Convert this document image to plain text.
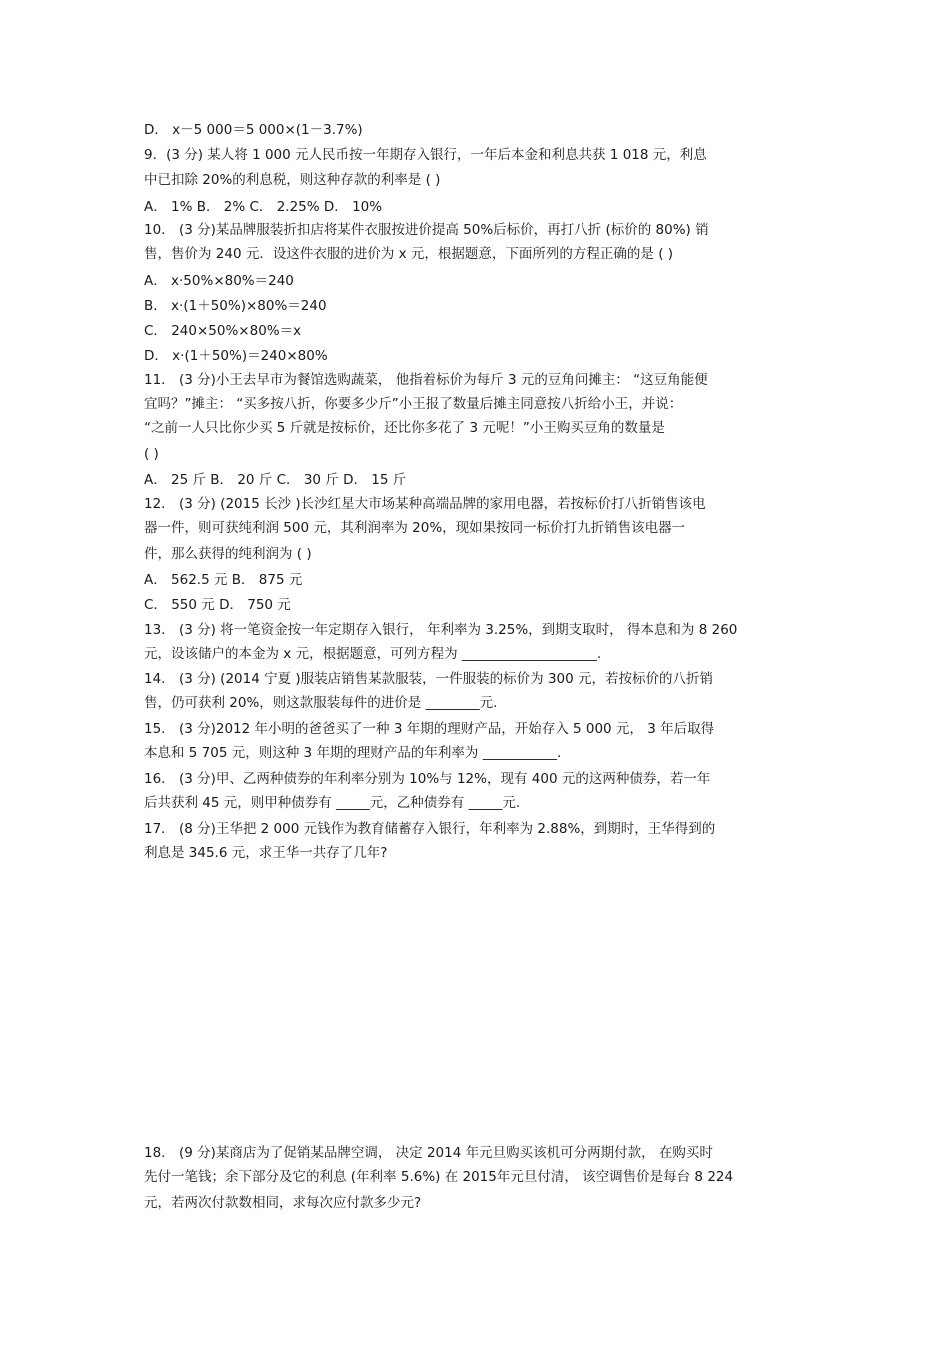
D． x－5 000＝5 000×(1－3.7%)
9．(3 分) 某人将 1 000 元人民币按一年期存入银行，一年后本金和利息共获 1 018 元，利息
中已扣除 20%的利息税，则这种存款的利率是 ( )
A． 1% B． 2% C． 2.25% D． 10%
10． (3 分)某品牌服装折扣店将某件衣服按进价提高 50%后标价，再打八折 (标价的 80%) 销
售，售价为 240 元．设这件衣服的进价为 x 元，根据题意，下面所列的方程正确的是 ( )
A． x·50%×80%＝240
B． x·(1＋50%)×80%＝240
C． 240×50%×80%＝x
D． x·(1＋50%)＝240×80%
11． (3 分)小王去早市为餐馆选购蔬菜， 他指着标价为每斤 3 元的豆角问摊主： “这豆角能便
宜吗？”摊主： “买多按八折，你要多少斤”小王报了数量后摊主同意按八折给小王，并说：
“之前一人只比你少买 5 斤就是按标价，还比你多花了 3 元呢！”小王购买豆角的数量是
( )
A． 25 斤 B． 20 斤 C． 30 斤 D． 15 斤
12． (3 分) (2015 长沙 )长沙红星大市场某种高端品牌的家用电器，若按标价打八折销售该电
器一件，则可获纯利润 500 元，其利润率为 20%，现如果按同一标价打九折销售该电器一
件，那么获得的纯利润为 ( )
A． 562.5 元 B． 875 元
C． 550 元 D． 750 元
13． (3 分) 将一笔资金按一年定期存入银行， 年利率为 3.25%，到期支取时， 得本息和为 8 260
元，设该储户的本金为 x 元，根据题意，可列方程为 ____________________.
14． (3 分) (2014 宁夏 )服装店销售某款服装，一件服装的标价为 300 元，若按标价的八折销
售，仍可获利 20%，则这款服装每件的进价是 ________元.
15． (3 分)2012 年小明的爸爸买了一种 3 年期的理财产品，开始存入 5 000 元， 3 年后取得
本息和 5 705 元，则这种 3 年期的理财产品的年利率为 ___________.
16． (3 分)甲、乙两种债券的年利率分别为 10%与 12%，现有 400 元的这两种债券，若一年
后共获利 45 元，则甲种债券有 _____元，乙种债券有 _____元.
17． (8 分)王华把 2 000 元钱作为教育储蓄存入银行，年利率为 2.88%，到期时，王华得到的
利息是 345.6 元，求王华一共存了几年?
18． (9 分)某商店为了促销某品牌空调， 决定 2014 年元旦购买该机可分两期付款， 在购买时
先付一笔钱；余下部分及它的利息 (年利率 5.6%) 在 2015年元旦付清， 该空调售价是每台 8 224
元，若两次付款数相同，求每次应付款多少元?
